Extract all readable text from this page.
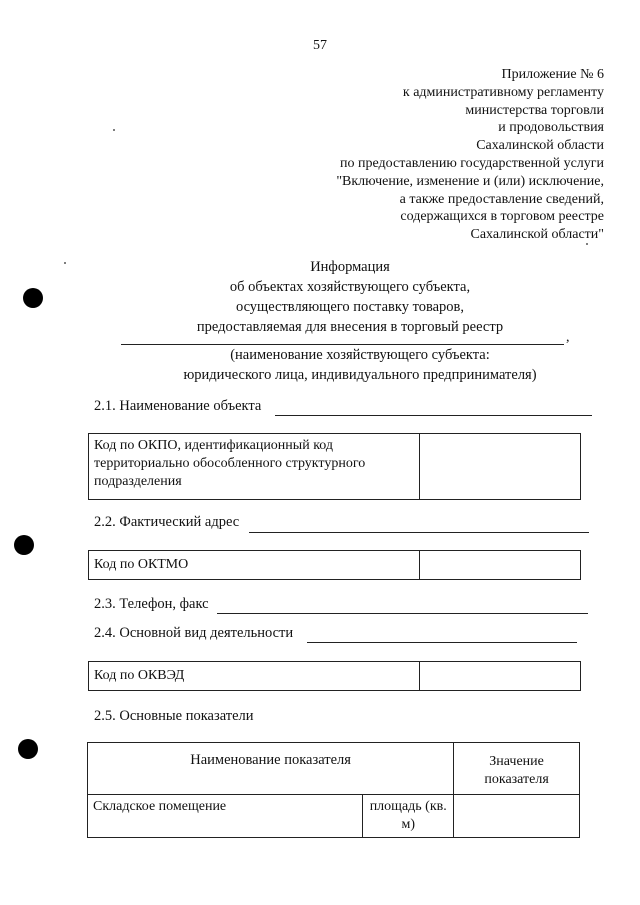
57
Приложение № 6
к административному регламенту
министерства торговли
и продовольствия
Сахалинской области
по предоставлению государственной услуги
"Включение, изменение и (или) исключение,
а также предоставление сведений,
содержащихся в торговом реестре
Сахалинской области"
Информация
об объектах хозяйствующего субъекта,
осуществляющего поставку товаров,
предоставляемая для внесения в торговый реестр
,
(наименование хозяйствующего субъекта:
юридического лица, индивидуального предпринимателя)
2.1. Наименование объекта
Код по ОКПО, идентификационный код территориально обособленного структурного подразделения	
2.2. Фактический адрес
Код по ОКТМО	
2.3. Телефон, факс
2.4. Основной вид деятельности
Код по ОКВЭД	
2.5. Основные показатели
Наименование показателя		Значение показателя
Складское помещение	площадь (кв. м)	
